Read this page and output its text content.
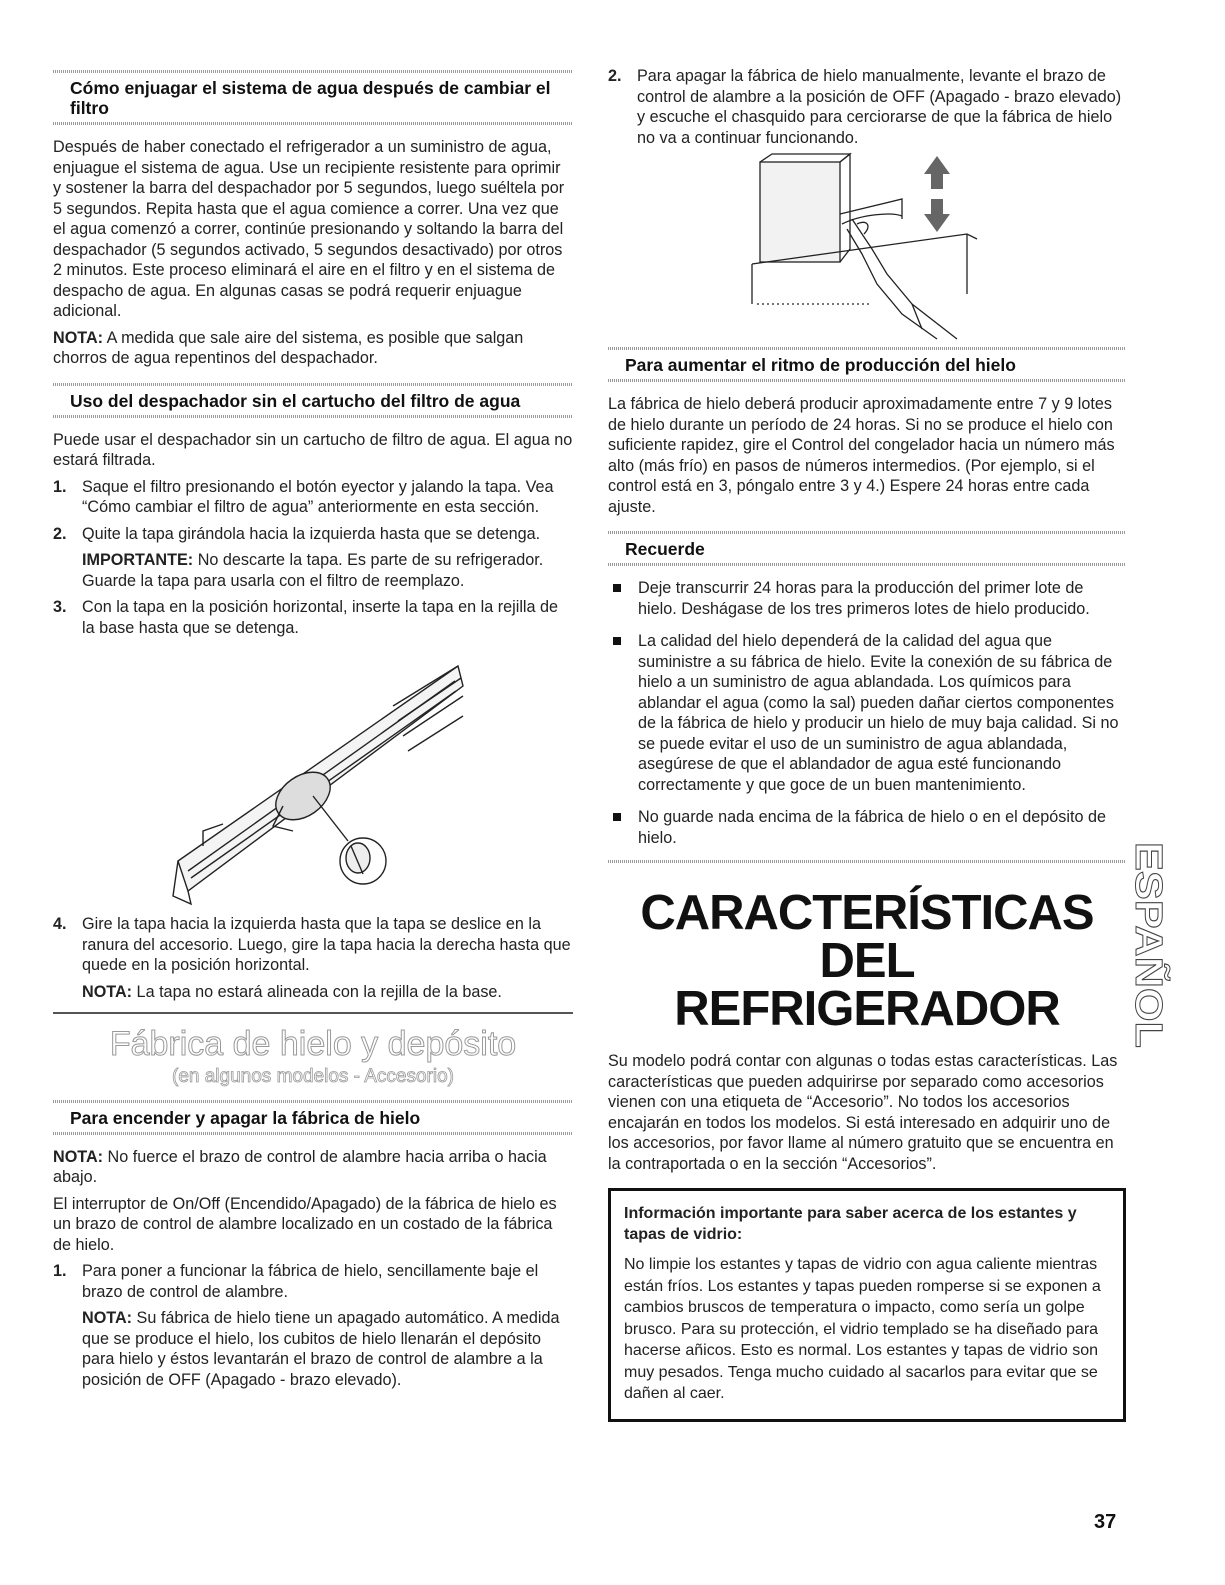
Cómo enjuagar el sistema de agua después de cambiar el filtro

Después de haber conectado el refrigerador a un suministro de agua, enjuague el sistema de agua. Use un recipiente resistente para oprimir y sostener la barra del despachador por 5 segundos, luego suéltela por 5 segundos. Repita hasta que el agua comience a correr. Una vez que el agua comenzó a correr, continúe presionando y soltando la barra del despachador (5 segundos activado, 5 segundos desactivado) por otros 2 minutos. Este proceso eliminará el aire en el filtro y en el sistema de despacho de agua. En algunas casas se podrá requerir enjuague adicional.

NOTA: A medida que sale aire del sistema, es posible que salgan chorros de agua repentinos del despachador.

Uso del despachador sin el cartucho del filtro de agua

Puede usar el despachador sin un cartucho de filtro de agua. El agua no estará filtrada.

1. Saque el filtro presionando el botón eyector y jalando la tapa. Vea “Cómo cambiar el filtro de agua” anteriormente en esta sección.

2. Quite la tapa girándola hacia la izquierda hasta que se detenga.

IMPORTANTE: No descarte la tapa. Es parte de su refrigerador. Guarde la tapa para usarla con el filtro de reemplazo.

3. Con la tapa en la posición horizontal, inserte la tapa en la rejilla de la base hasta que se detenga.

4. Gire la tapa hacia la izquierda hasta que la tapa se deslice en la ranura del accesorio. Luego, gire la tapa hacia la derecha hasta que quede en la posición horizontal.

NOTA: La tapa no estará alineada con la rejilla de la base.

Fábrica de hielo y depósito
(en algunos modelos - Accesorio)
Para encender y apagar la fábrica de hielo

NOTA: No fuerce el brazo de control de alambre hacia arriba o hacia abajo.

El interruptor de On/Off (Encendido/Apagado) de la fábrica de hielo es un brazo de control de alambre localizado en un costado de la fábrica de hielo.

1. Para poner a funcionar la fábrica de hielo, sencillamente baje el brazo de control de alambre.

NOTA: Su fábrica de hielo tiene un apagado automático. A medida que se produce el hielo, los cubitos de hielo llenarán el depósito para hielo y éstos levantarán el brazo de control de alambre a la posición de OFF (Apagado - brazo elevado).

2. Para apagar la fábrica de hielo manualmente, levante el brazo de control de alambre a la posición de OFF (Apagado - brazo elevado) y escuche el chasquido para cerciorarse de que la fábrica de hielo no va a continuar funcionando.

Para aumentar el ritmo de producción del hielo

La fábrica de hielo deberá producir aproximadamente entre 7 y 9 lotes de hielo durante un período de 24 horas. Si no se produce el hielo con suficiente rapidez, gire el Control del congelador hacia un número más alto (más frío) en pasos de números intermedios. (Por ejemplo, si el control está en 3, póngalo entre 3 y 4.) Espere 24 horas entre cada ajuste.

Recuerde
Deje transcurrir 24 horas para la producción del primer lote de hielo. Deshágase de los tres primeros lotes de hielo producido.
La calidad del hielo dependerá de la calidad del agua que suministre a su fábrica de hielo. Evite la conexión de su fábrica de hielo a un suministro de agua ablandada. Los químicos para ablandar el agua (como la sal) pueden dañar ciertos componentes de la fábrica de hielo y producir un hielo de muy baja calidad. Si no se puede evitar el uso de un suministro de agua ablandada, asegúrese de que el ablandador de agua esté funcionando correctamente y que goce de un buen mantenimiento.
No guarde nada encima de la fábrica de hielo o en el depósito de hielo.
CARACTERÍSTICAS DEL
REFRIGERADOR

Su modelo podrá contar con algunas o todas estas características. Las características que pueden adquirirse por separado como accesorios vienen con una etiqueta de “Accesorio”. No todos los accesorios encajarán en todos los modelos. Si está interesado en adquirir uno de los accesorios, por favor llame al número gratuito que se encuentra en la contraportada o en la sección “Accesorios”.

Información importante para saber acerca de los estantes y tapas de vidrio:
No limpie los estantes y tapas de vidrio con agua caliente mientras están fríos. Los estantes y tapas pueden romperse si se exponen a cambios bruscos de temperatura o impacto, como sería un golpe brusco. Para su protección, el vidrio templado se ha diseñado para hacerse añicos. Esto es normal. Los estantes y tapas de vidrio son muy pesados. Tenga mucho cuidado al sacarlos para evitar que se dañen al caer.
ESPAÑOL
37
